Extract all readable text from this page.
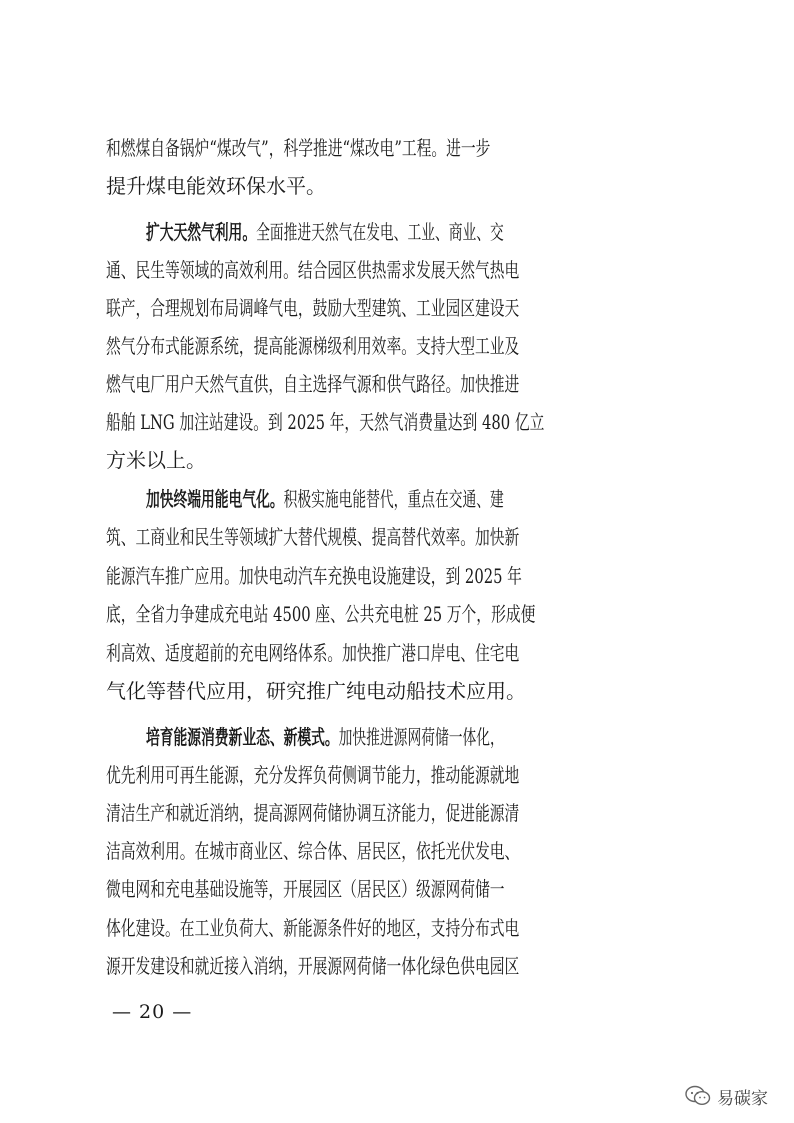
和燃煤自备锅炉“煤改气”，科学推进“煤改电”工程。进一步
提升煤电能效环保水平。
扩大天然气利用。全面推进天然气在发电、工业、商业、交
通、民生等领域的高效利用。结合园区供热需求发展天然气热电
联产，合理规划布局调峰气电，鼓励大型建筑、工业园区建设天
然气分布式能源系统，提高能源梯级利用效率。支持大型工业及
燃气电厂用户天然气直供，自主选择气源和供气路径。加快推进
船舶 LNG 加注站建设。到 2025 年，天然气消费量达到 480 亿立
方米以上。
加快终端用能电气化。积极实施电能替代，重点在交通、建
筑、工商业和民生等领域扩大替代规模、提高替代效率。加快新
能源汽车推广应用。加快电动汽车充换电设施建设，到 2025 年
底，全省力争建成充电站 4500 座、公共充电桩 25 万个，形成便
利高效、适度超前的充电网络体系。加快推广港口岸电、住宅电
气化等替代应用，研究推广纯电动船技术应用。
培育能源消费新业态、新模式。加快推进源网荷储一体化，
优先利用可再生能源，充分发挥负荷侧调节能力，推动能源就地
清洁生产和就近消纳，提高源网荷储协调互济能力，促进能源清
洁高效利用。在城市商业区、综合体、居民区，依托光伏发电、
微电网和充电基础设施等，开展园区（居民区）级源网荷储一
体化建设。在工业负荷大、新能源条件好的地区，支持分布式电
源开发建设和就近接入消纳，开展源网荷储一体化绿色供电园区
— 20 —
易碳家
